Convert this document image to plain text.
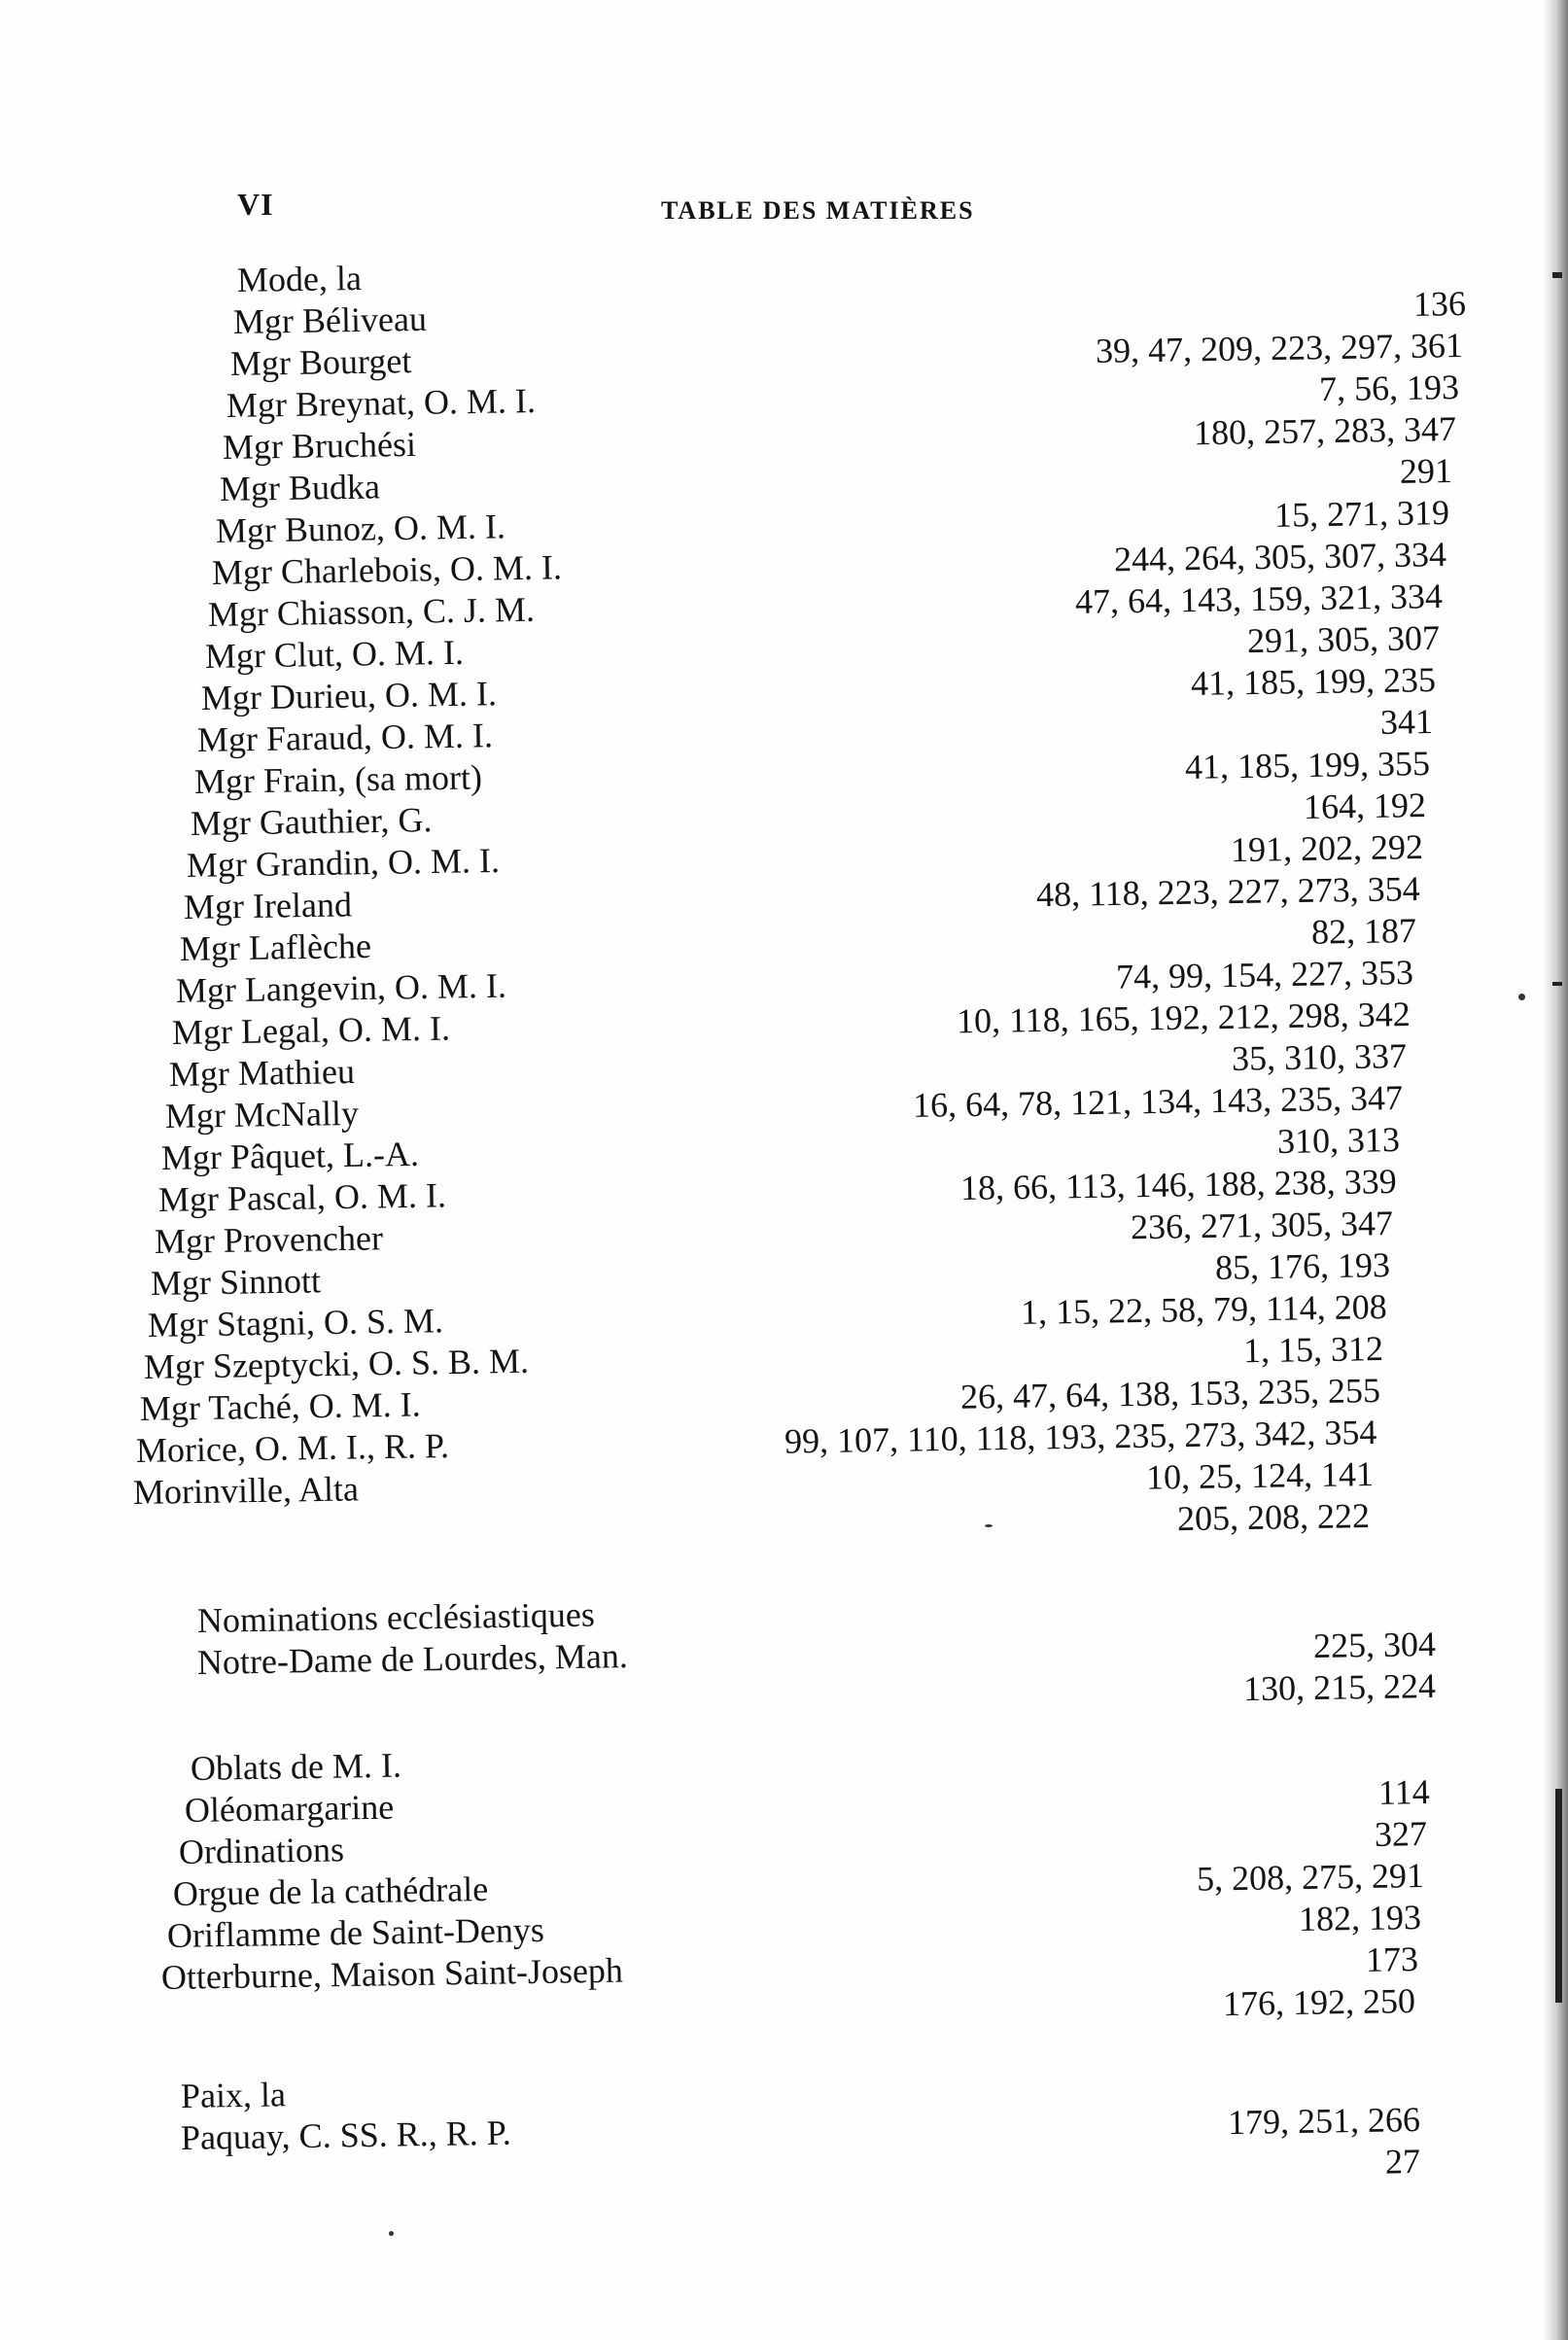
VI	TABLE DES MATIÈRES
Mode, la
136
Mgr Béliveau
39, 47, 209, 223, 297, 361
Mgr Bourget
7, 56, 193
Mgr Breynat, O. M. I.
180, 257, 283, 347
Mgr Bruchési
291
Mgr Budka
15, 271, 319
Mgr Bunoz, O. M. I.
244, 264, 305, 307, 334
Mgr Charlebois, O. M. I.
47, 64, 143, 159, 321, 334
Mgr Chiasson, C. J. M.
291, 305, 307
Mgr Clut, O. M. I.
41, 185, 199, 235
Mgr Durieu, O. M. I.
341
Mgr Faraud, O. M. I.
41, 185, 199, 355
Mgr Frain, (sa mort)
164, 192
Mgr Gauthier, G.
191, 202, 292
Mgr Grandin, O. M. I.
48, 118, 223, 227, 273, 354
Mgr Ireland
82, 187
Mgr Laflèche
74, 99, 154, 227, 353
Mgr Langevin, O. M. I.
10, 118, 165, 192, 212, 298, 342
Mgr Legal, O. M. I.
35, 310, 337
Mgr Mathieu
16, 64, 78, 121, 134, 143, 235, 347
Mgr McNally
310, 313
Mgr Pâquet, L.-A.
18, 66, 113, 146, 188, 238, 339
Mgr Pascal, O. M. I.
236, 271, 305, 347
Mgr Provencher
85, 176, 193
Mgr Sinnott
1, 15, 22, 58, 79, 114, 208
Mgr Stagni, O. S. M.
1, 15, 312
Mgr Szeptycki, O. S. B. M.
26, 47, 64, 138, 153, 235, 255
Mgr Taché, O. M. I.
99, 107, 110, 118, 193, 235, 273, 342, 354
Morice, O. M. I., R. P.
10, 25, 124, 141
Morinville, Alta
205, 208, 222
Nominations ecclésiastiques
225, 304
Notre-Dame de Lourdes, Man.
130, 215, 224
Oblats de M. I.
114
Oléomargarine
327
Ordinations
5, 208, 275, 291
Orgue de la cathédrale
182, 193
Oriflamme de Saint-Denys
173
Otterburne, Maison Saint-Joseph
176, 192, 250
Paix, la
179, 251, 266
Paquay, C. SS. R., R. P.
27
